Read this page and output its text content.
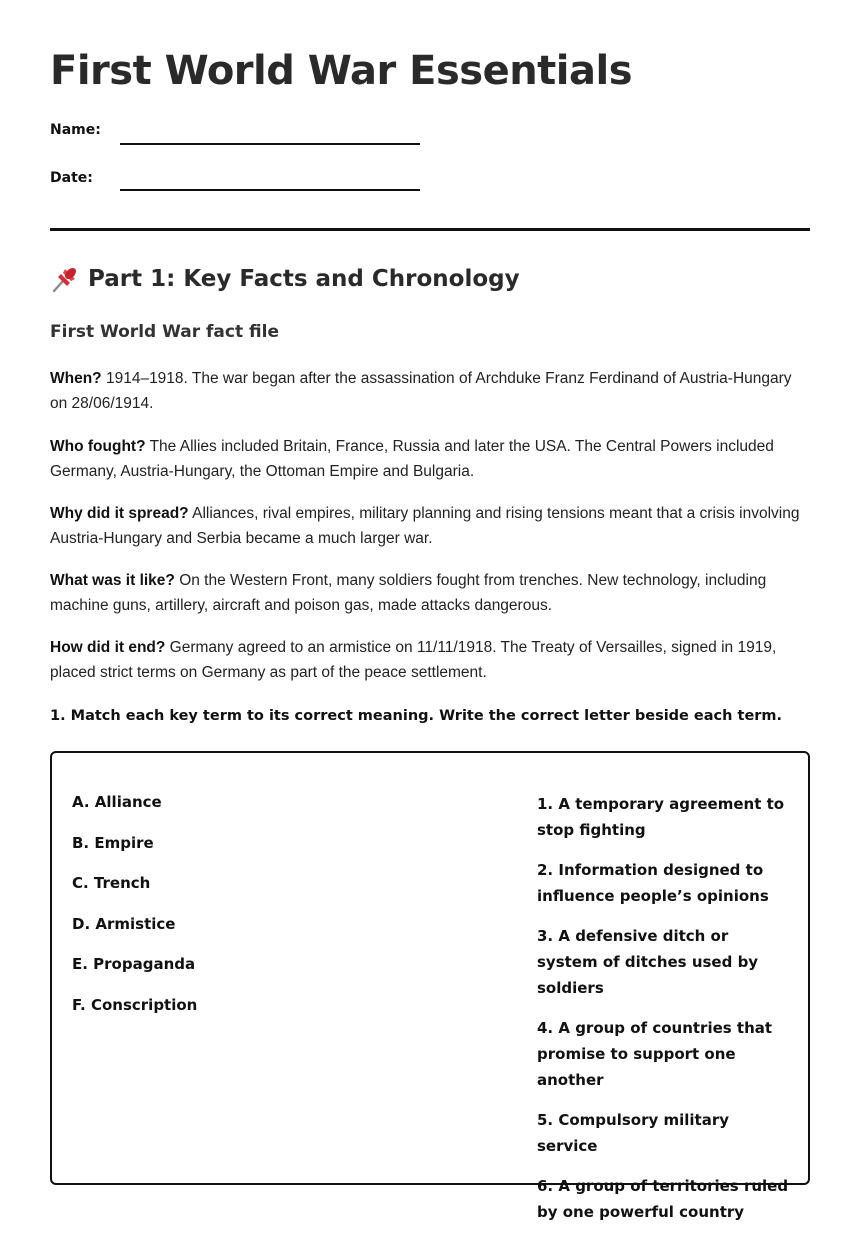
First World War Essentials
Name:
Date:
Part 1: Key Facts and Chronology
First World War fact file

When? 1914–1918. The war began after the assassination of Archduke Franz Ferdinand of Austria-Hungary on 28/06/1914.

Who fought? The Allies included Britain, France, Russia and later the USA. The Central Powers included Germany, Austria-Hungary, the Ottoman Empire and Bulgaria.

Why did it spread? Alliances, rival empires, military planning and rising tensions meant that a crisis involving Austria-Hungary and Serbia became a much larger war.

What was it like? On the Western Front, many soldiers fought from trenches. New technology, including machine guns, artillery, aircraft and poison gas, made attacks dangerous.

How did it end? Germany agreed to an armistice on 11/11/1918. The Treaty of Versailles, signed in 1919, placed strict terms on Germany as part of the peace settlement.

1. Match each key term to its correct meaning. Write the correct letter beside each term.

A. Alliance
B. Empire
C. Trench
D. Armistice
E. Propaganda
F. Conscription
1. A temporary agreement to stop fighting
2. Information designed to influence people’s opinions
3. A defensive ditch or system of ditches used by soldiers
4. A group of countries that promise to support one another
5. Compulsory military service
6. A group of territories ruled by one powerful country
